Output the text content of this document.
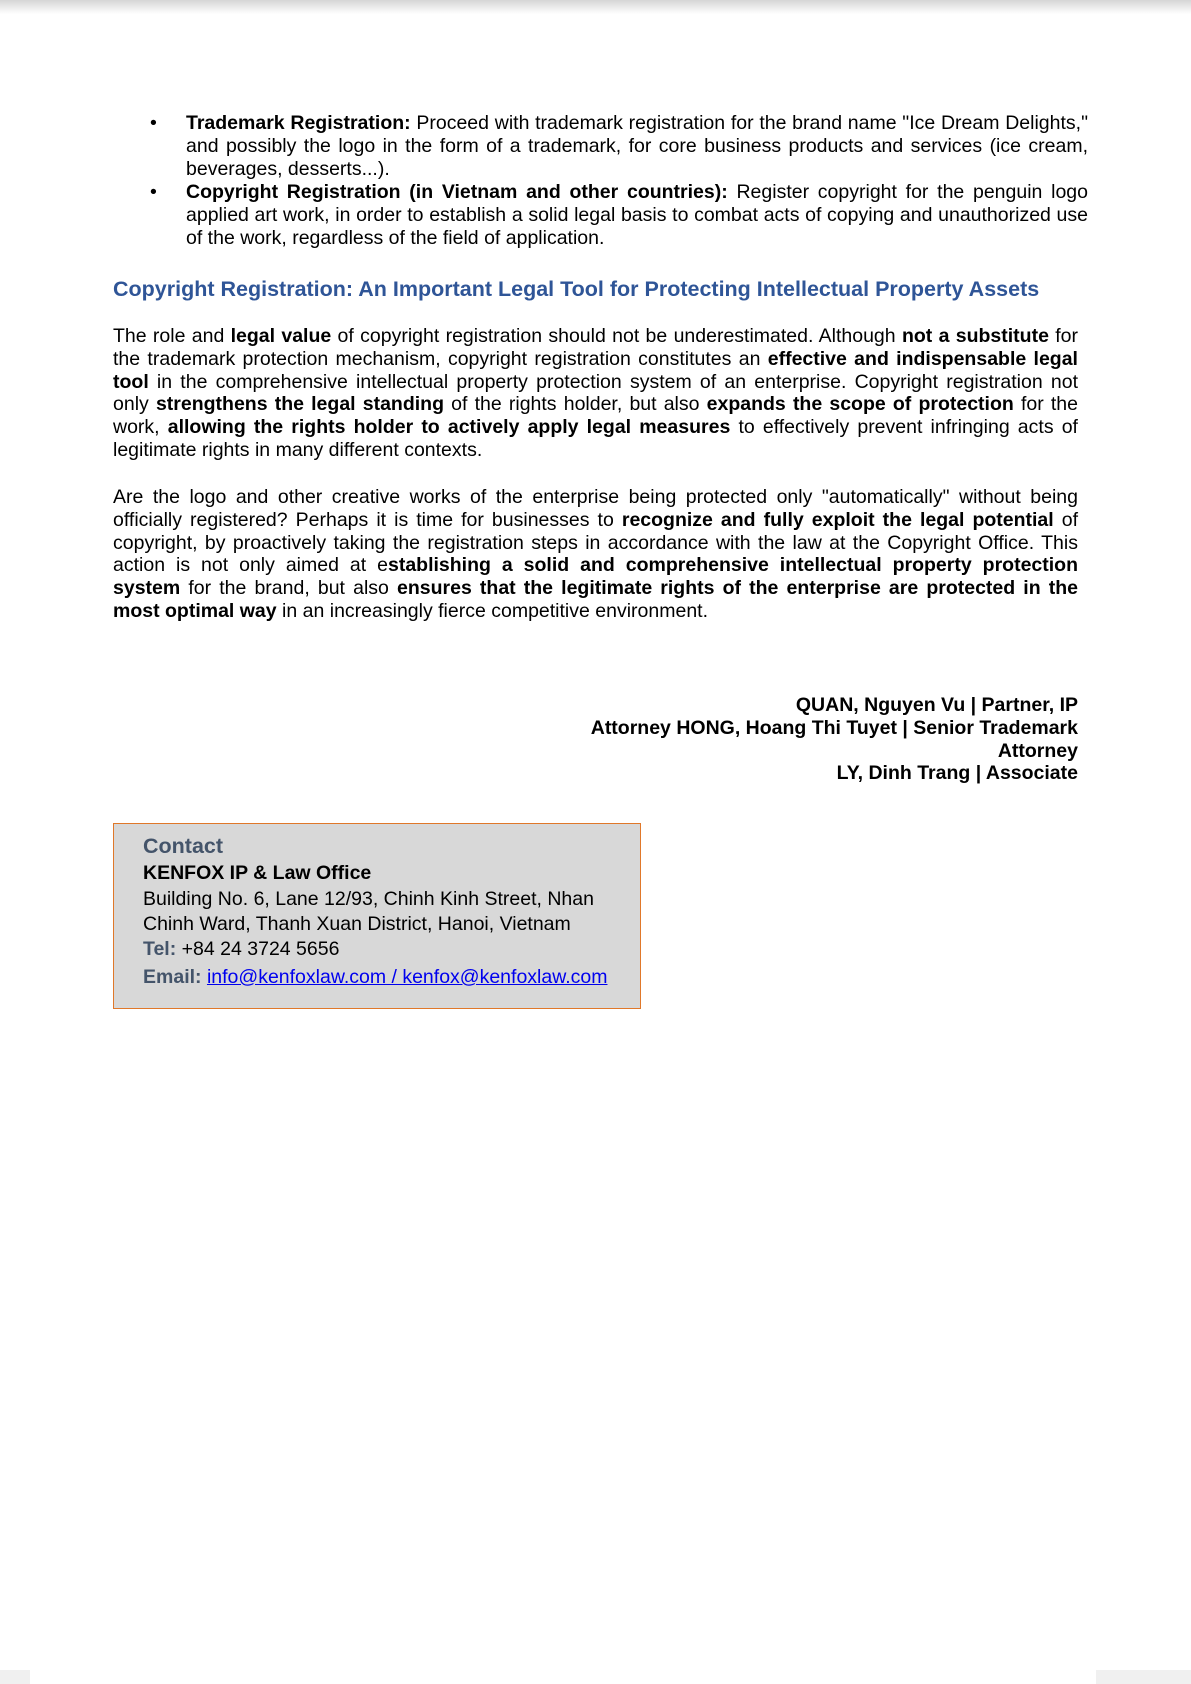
• Trademark Registration: Proceed with trademark registration for the brand name "Ice Dream Delights," and possibly the logo in the form of a trademark, for core business products and services (ice cream, beverages, desserts...).
• Copyright Registration (in Vietnam and other countries): Register copyright for the penguin logo applied art work, in order to establish a solid legal basis to combat acts of copying and unauthorized use of the work, regardless of the field of application.
Copyright Registration: An Important Legal Tool for Protecting Intellectual Property Assets

The role and legal value of copyright registration should not be underestimated. Although not a substitute for the trademark protection mechanism, copyright registration constitutes an effective and indispensable legal tool in the comprehensive intellectual property protection system of an enterprise. Copyright registration not only strengthens the legal standing of the rights holder, but also expands the scope of protection for the work, allowing the rights holder to actively apply legal measures to effectively prevent infringing acts of legitimate rights in many different contexts.

Are the logo and other creative works of the enterprise being protected only "automatically" without being officially registered? Perhaps it is time for businesses to recognize and fully exploit the legal potential of copyright, by proactively taking the registration steps in accordance with the law at the Copyright Office. This action is not only aimed at establishing a solid and comprehensive intellectual property protection system for the brand, but also ensures that the legitimate rights of the enterprise are protected in the most optimal way in an increasingly fierce competitive environment.

QUAN, Nguyen Vu | Partner, IP
Attorney HONG, Hoang Thi Tuyet | Senior Trademark Attorney
LY, Dinh Trang | Associate
Contact
KENFOX IP & Law Office
Building No. 6, Lane 12/93, Chinh Kinh Street, Nhan Chinh Ward, Thanh Xuan District, Hanoi, Vietnam
Tel: +84 24 3724 5656
Email: info@kenfoxlaw.com / kenfox@kenfoxlaw.com
